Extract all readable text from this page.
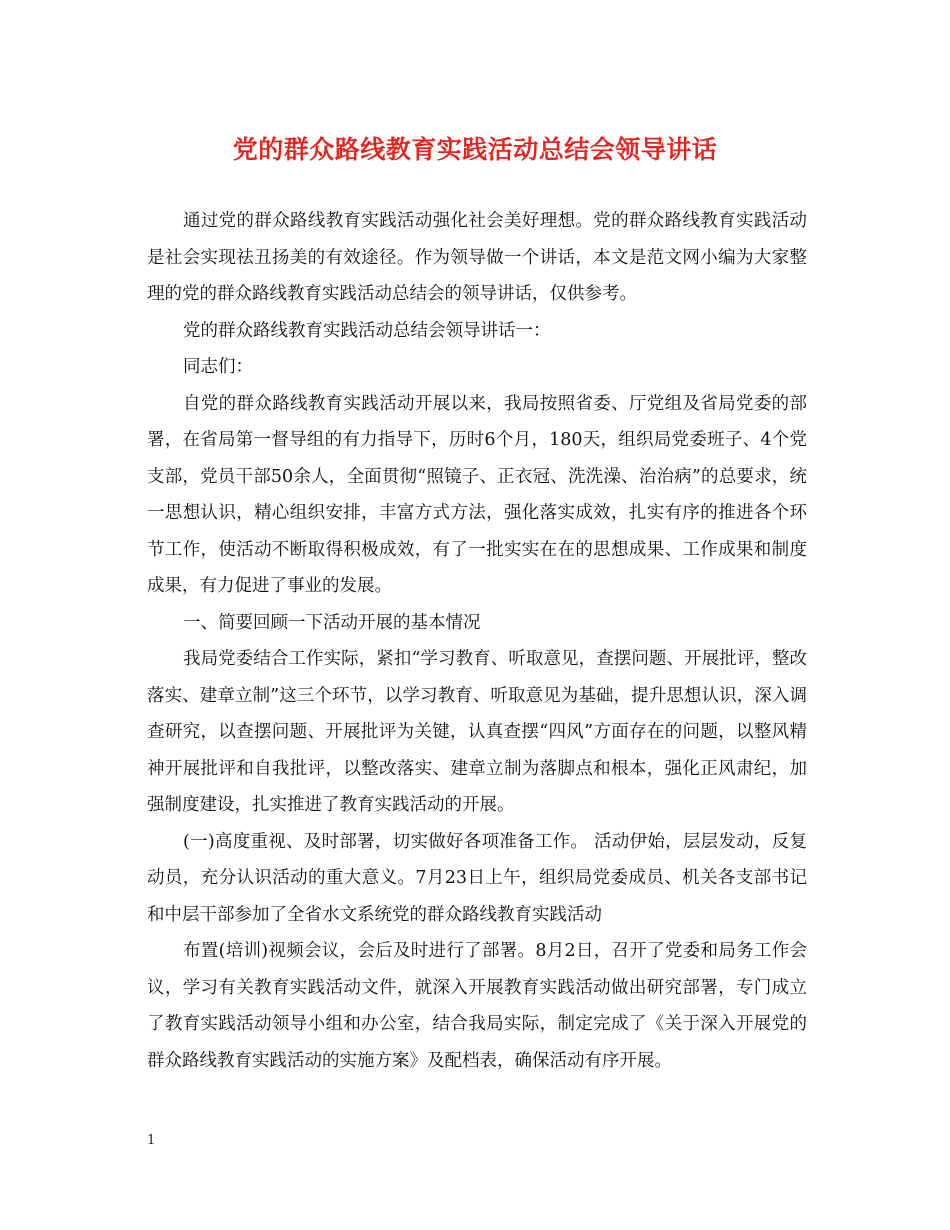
党的群众路线教育实践活动总结会领导讲话

通过党的群众路线教育实践活动强化社会美好理想。党的群众路线教育实践活动是社会实现祛丑扬美的有效途径。作为领导做一个讲话，本文是范文网小编为大家整理的党的群众路线教育实践活动总结会的领导讲话，仅供参考。

党的群众路线教育实践活动总结会领导讲话一：

同志们：

自党的群众路线教育实践活动开展以来，我局按照省委、厅党组及省局党委的部署，在省局第一督导组的有力指导下，历时6个月，180天，组织局党委班子、4个党支部，党员干部50余人，全面贯彻“照镜子、正衣冠、洗洗澡、治治病”的总要求，统一思想认识，精心组织安排，丰富方式方法，强化落实成效，扎实有序的推进各个环节工作，使活动不断取得积极成效，有了一批实实在在的思想成果、工作成果和制度成果，有力促进了事业的发展。

一、简要回顾一下活动开展的基本情况

我局党委结合工作实际，紧扣“学习教育、听取意见，查摆问题、开展批评，整改落实、建章立制”这三个环节，以学习教育、听取意见为基础，提升思想认识，深入调查研究，以查摆问题、开展批评为关键，认真查摆“四风”方面存在的问题，以整风精神开展批评和自我批评，以整改落实、建章立制为落脚点和根本，强化正风肃纪，加强制度建设，扎实推进了教育实践活动的开展。

(一)高度重视、及时部署，切实做好各项准备工作。 活动伊始，层层发动，反复动员，充分认识活动的重大意义。7月23日上午，组织局党委成员、机关各支部书记和中层干部参加了全省水文系统党的群众路线教育实践活动

布置(培训)视频会议，会后及时进行了部署。8月2日，召开了党委和局务工作会议，学习有关教育实践活动文件，就深入开展教育实践活动做出研究部署，专门成立了教育实践活动领导小组和办公室，结合我局实际，制定完成了《关于深入开展党的群众路线教育实践活动的实施方案》及配档表，确保活动有序开展。

1
